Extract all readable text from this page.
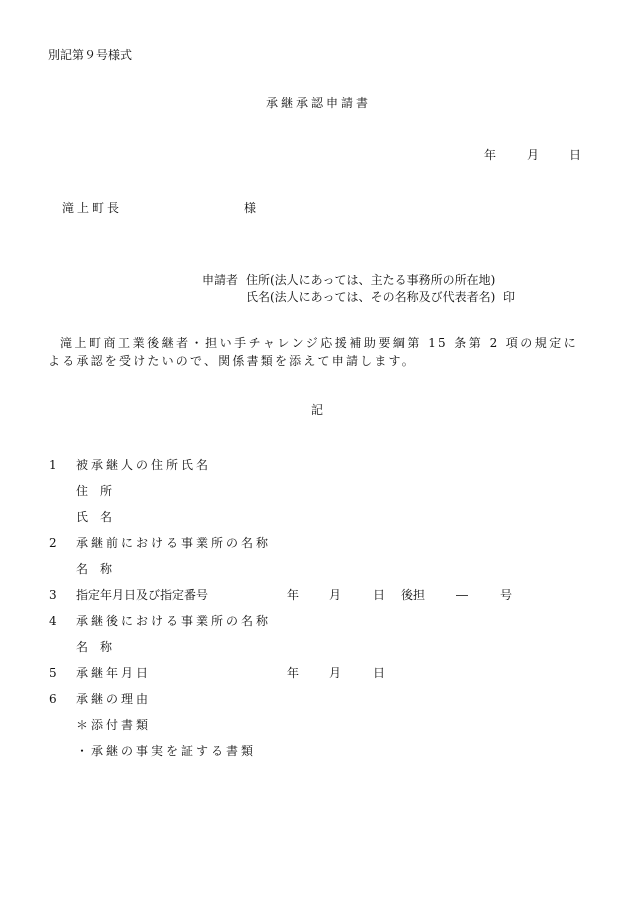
別記第９号様式
承継承認申請書
年	月 日
滝上町長	様
申請者 住所(法人にあっては、主たる事務所の所在地)
氏名(法人にあっては、その名称及び代表者名) 印
滝上町商工業後継者・担い手チャレンジ応援補助要綱第 15 条第 2 項の規定による承認を受けたいので、関係書類を添えて申請します。
記
1 被承継人の住所氏名
住　所
氏　名
2 承継前における事業所の名称
名　称
3 指定年月日及び指定番号	年 月	日 後担	―	号
4 承継後における事業所の名称
名　称
5 承継年月日	年 月	日
6 承継の理由
＊添付書類
・承継の事実を証する書類
